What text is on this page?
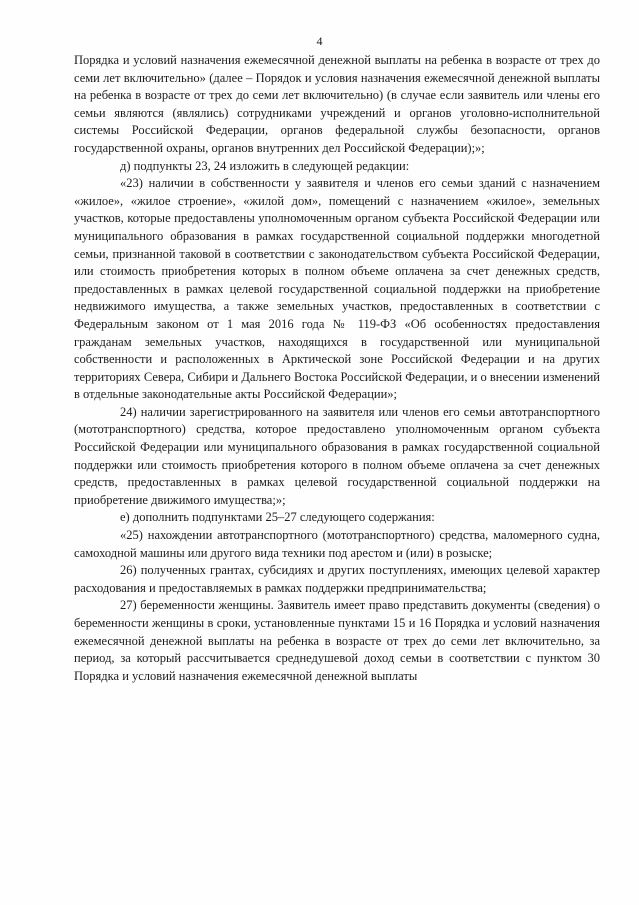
4

Порядка и условий назначения ежемесячной денежной выплаты на ребенка в возрасте от трех до семи лет включительно» (далее – Порядок и условия назначения ежемесячной денежной выплаты на ребенка в возрасте от трех до семи лет включительно) (в случае если заявитель или члены его семьи являются (являлись) сотрудниками учреждений и органов уголовно-исполнительной системы Российской Федерации, органов федеральной службы безопасности, органов государственной охраны, органов внутренних дел Российской Федерации);»;

д) подпункты 23, 24 изложить в следующей редакции:

«23) наличии в собственности у заявителя и членов его семьи зданий с назначением «жилое», «жилое строение», «жилой дом», помещений с назначением «жилое», земельных участков, которые предоставлены уполномоченным органом субъекта Российской Федерации или муниципального образования в рамках государственной социальной поддержки многодетной семьи, признанной таковой в соответствии с законодательством субъекта Российской Федерации, или стоимость приобретения которых в полном объеме оплачена за счет денежных средств, предоставленных в рамках целевой государственной социальной поддержки на приобретение недвижимого имущества, а также земельных участков, предоставленных в соответствии с Федеральным законом от 1 мая 2016 года № 119-ФЗ «Об особенностях предоставления гражданам земельных участков, находящихся в государственной или муниципальной собственности и расположенных в Арктической зоне Российской Федерации и на других территориях Севера, Сибири и Дальнего Востока Российской Федерации, и о внесении изменений в отдельные законодательные акты Российской Федерации»;

24) наличии зарегистрированного на заявителя или членов его семьи автотранспортного (мототранспортного) средства, которое предоставлено уполномоченным органом субъекта Российской Федерации или муниципального образования в рамках государственной социальной поддержки или стоимость приобретения которого в полном объеме оплачена за счет денежных средств, предоставленных в рамках целевой государственной социальной поддержки на приобретение движимого имущества;»;

е) дополнить подпунктами 25–27 следующего содержания:

«25) нахождении автотранспортного (мототранспортного) средства, маломерного судна, самоходной машины или другого вида техники под арестом и (или) в розыске;

26) полученных грантах, субсидиях и других поступлениях, имеющих целевой характер расходования и предоставляемых в рамках поддержки предпринимательства;

27) беременности женщины. Заявитель имеет право представить документы (сведения) о беременности женщины в сроки, установленные пунктами 15 и 16 Порядка и условий назначения ежемесячной денежной выплаты на ребенка в возрасте от трех до семи лет включительно, за период, за который рассчитывается среднедушевой доход семьи в соответствии с пунктом 30 Порядка и условий назначения ежемесячной денежной выплаты
